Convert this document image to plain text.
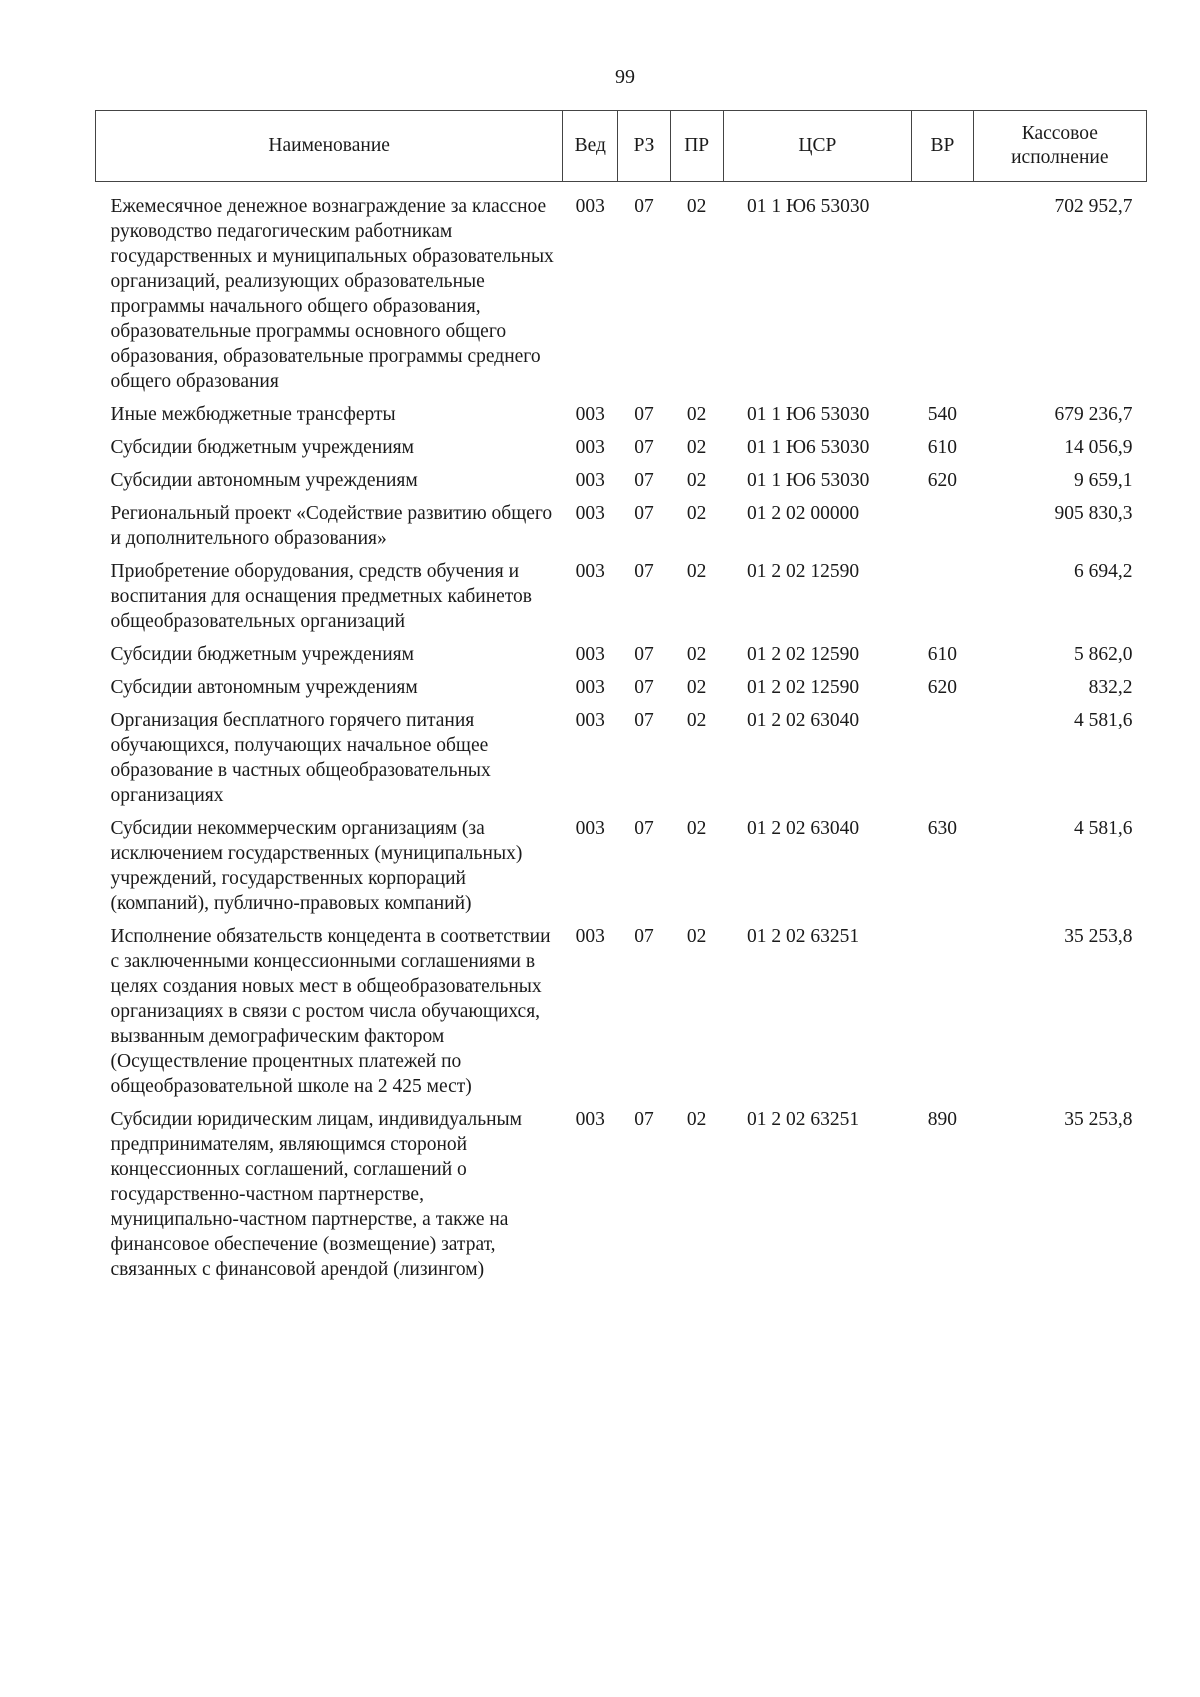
99
Наименование	Вед	РЗ	ПР	ЦСР	ВР	Кассовое исполнение
Ежемесячное денежное вознаграждение за классное руководство педагогическим работникам государственных и муниципальных образовательных организаций, реализующих образовательные программы начального общего образования, образовательные программы основного общего образования, образовательные программы среднего общего образования	003	07	02	01 1 Ю6 53030		702 952,7
Иные межбюджетные трансферты	003	07	02	01 1 Ю6 53030	540	679 236,7
Субсидии бюджетным учреждениям	003	07	02	01 1 Ю6 53030	610	14 056,9
Субсидии автономным учреждениям	003	07	02	01 1 Ю6 53030	620	9 659,1
Региональный проект «Содействие развитию общего и дополнительного образования»	003	07	02	01 2 02 00000		905 830,3
Приобретение оборудования, средств обучения и воспитания для оснащения предметных кабинетов общеобразовательных организаций	003	07	02	01 2 02 12590		6 694,2
Субсидии бюджетным учреждениям	003	07	02	01 2 02 12590	610	5 862,0
Субсидии автономным учреждениям	003	07	02	01 2 02 12590	620	832,2
Организация бесплатного горячего питания обучающихся, получающих начальное общее образование в частных общеобразовательных организациях	003	07	02	01 2 02 63040		4 581,6
Субсидии некоммерческим организациям (за исключением государственных (муниципальных) учреждений, государственных корпораций (компаний), публично-правовых компаний)	003	07	02	01 2 02 63040	630	4 581,6
Исполнение обязательств концедента в соответствии с заключенными концессионными соглашениями в целях создания новых мест в общеобразовательных организациях в связи с ростом числа обучающихся, вызванным демографическим фактором (Осуществление процентных платежей по общеобразовательной школе на 2 425 мест)	003	07	02	01 2 02 63251		35 253,8
Субсидии юридическим лицам, индивидуальным предпринимателям, являющимся стороной концессионных соглашений, соглашений о государственно-частном партнерстве, муниципально-частном партнерстве, а также на финансовое обеспечение (возмещение) затрат, связанных с финансовой арендой (лизингом)	003	07	02	01 2 02 63251	890	35 253,8
